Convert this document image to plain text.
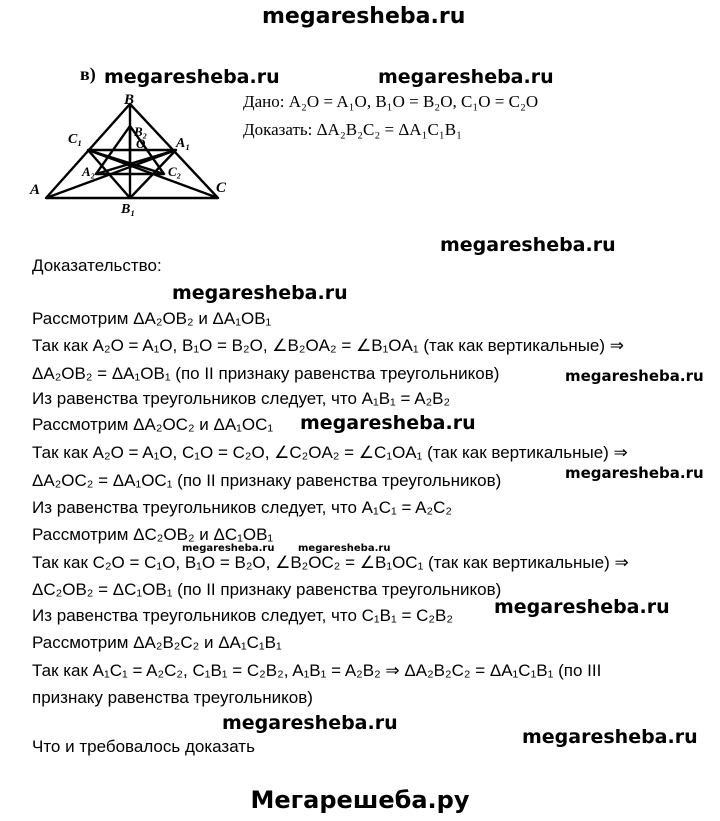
megaresheba.ru
в)
B
B₂
O
C₁	A₁
A₂	C₂
A	C
B₁
megaresheba.ru	megaresheba.ru
Дано: A₂O = A₁O, B₁O = B₂O, C₁O = C₂O
Доказать: ΔA₂B₂C₂ = ΔA₁C₁B₁
megaresheba.ru
Доказательство:
megaresheba.ru
Рассмотрим ΔA₂OB₂ и ΔA₁OB₁
Так как A₂O = A₁O, B₁O = B₂O, ∠B₂OA₂ = ∠B₁OA₁ (так как вертикальные) ⇒
ΔA₂OB₂ = ΔA₁OB₁ (по II признаку равенства треугольников)	megaresheba.ru
Из равенства треугольников следует, что A₁B₁ = A₂B₂
Рассмотрим ΔA₂OC₂ и ΔA₁OC₁ megaresheba.ru
Так как A₂O = A₁O, C₁O = C₂O, ∠C₂OA₂ = ∠C₁OA₁ (так как вертикальные) ⇒
megaresheba.ru
ΔA₂OC₂ = ΔA₁OC₁ (по II признаку равенства треугольников)
Из равенства треугольников следует, что A₁C₁ = A₂C₂
Рассмотрим ΔC₂OB₂ и ΔC₁OB₁
megaresheba.ru megaresheba.ru
Так как C₂O = C₁O, B₁O = B₂O, ∠B₂OC₂ = ∠B₁OC₁ (так как вертикальные) ⇒
ΔC₂OB₂ = ΔC₁OB₁ (по II признаку равенства треугольников)
Из равенства треугольников следует, что C₁B₁ = C₂B₂ megaresheba.ru
Рассмотрим ΔA₂B₂C₂ и ΔA₁C₁B₁
Так как A₁C₁ = A₂C₂, C₁B₁ = C₂B₂, A₁B₁ = A₂B₂ ⇒ ΔA₂B₂C₂ = ΔA₁C₁B₁ (по III
признаку равенства треугольников)
megaresheba.ru
Что и требовалось доказать	megaresheba.ru
Мегарешеба.ру
